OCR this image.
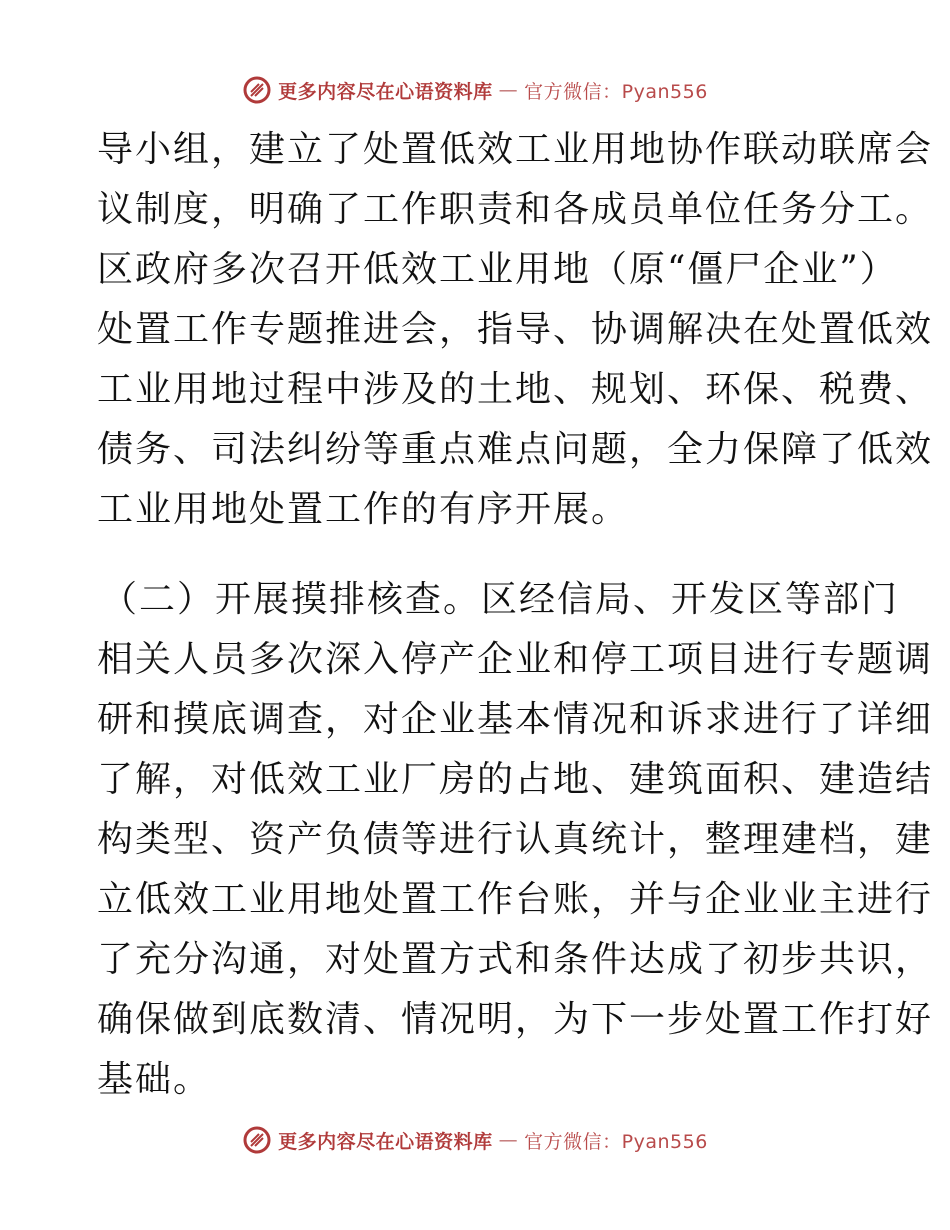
更多内容尽在心语资料库 — 官方微信：Pyan556
导小组，建立了处置低效工业用地协作联动联席会
议制度，明确了工作职责和各成员单位任务分工。
区政府多次召开低效工业用地（原“僵尸企业”）
处置工作专题推进会，指导、协调解决在处置低效
工业用地过程中涉及的土地、规划、环保、税费、
债务、司法纠纷等重点难点问题，全力保障了低效
工业用地处置工作的有序开展。
（二）开展摸排核查。区经信局、开发区等部门
相关人员多次深入停产企业和停工项目进行专题调
研和摸底调查，对企业基本情况和诉求进行了详细
了解，对低效工业厂房的占地、建筑面积、建造结
构类型、资产负债等进行认真统计，整理建档，建
立低效工业用地处置工作台账，并与企业业主进行
了充分沟通，对处置方式和条件达成了初步共识，
确保做到底数清、情况明，为下一步处置工作打好
基础。
更多内容尽在心语资料库 — 官方微信：Pyan556
